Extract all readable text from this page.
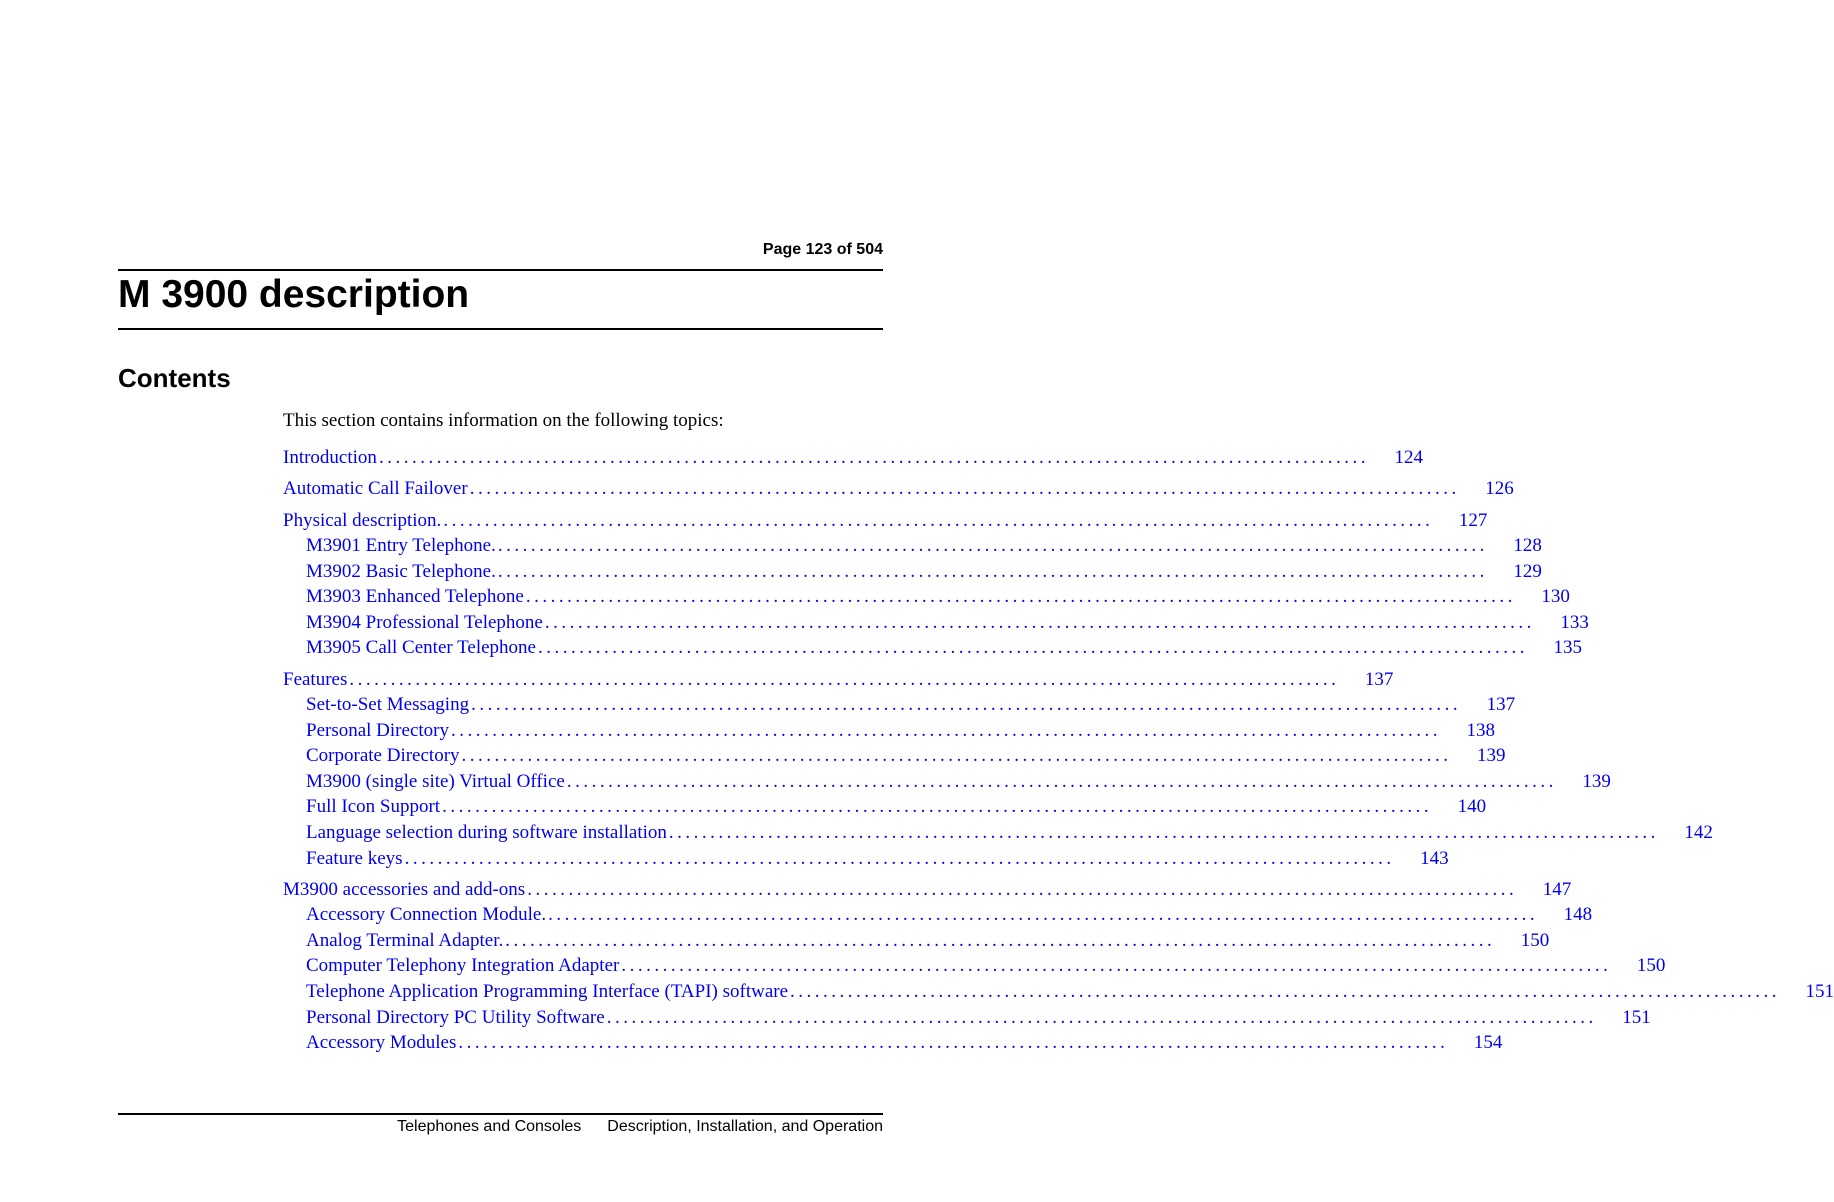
Page 123 of 504
M 3900 description
Contents
This section contains information on the following topics:
Introduction ........................................................................................................................	124
Automatic Call Failover ........................................................................................................................	126
Physical description. ........................................................................................................................	127
M3901 Entry Telephone. ........................................................................................................................	128
M3902 Basic Telephone. ........................................................................................................................	129
M3903 Enhanced Telephone ........................................................................................................................	130
M3904 Professional Telephone ........................................................................................................................	133
M3905 Call Center Telephone ........................................................................................................................	135
Features ........................................................................................................................	137
Set-to-Set Messaging ........................................................................................................................	137
Personal Directory ........................................................................................................................	138
Corporate Directory ........................................................................................................................	139
M3900 (single site) Virtual Office ........................................................................................................................	139
Full Icon Support ........................................................................................................................	140
Language selection during software installation ........................................................................................................................	142
Feature keys ........................................................................................................................	143
M3900 accessories and add-ons ........................................................................................................................	147
Accessory Connection Module. ........................................................................................................................	148
Analog Terminal Adapter. ........................................................................................................................	150
Computer Telephony Integration Adapter ........................................................................................................................	150
Telephone Application Programming Interface (TAPI) software ........................................................................................................................	151
Personal Directory PC Utility Software ........................................................................................................................	151
Accessory Modules ........................................................................................................................	154
Telephones and Consoles Description, Installation, and Operation
